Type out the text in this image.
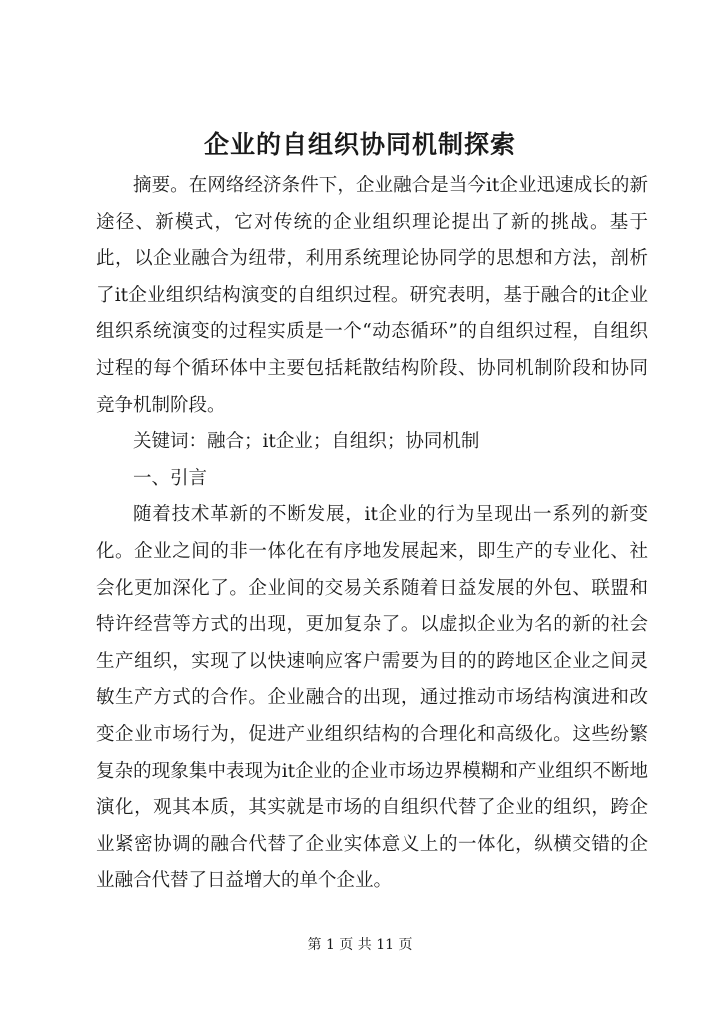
企业的自组织协同机制探索

摘要。在网络经济条件下，企业融合是当今it企业迅速成长的新途径、新模式，它对传统的企业组织理论提出了新的挑战。基于此，以企业融合为纽带，利用系统理论协同学的思想和方法，剖析了it企业组织结构演变的自组织过程。研究表明，基于融合的it企业组织系统演变的过程实质是一个“动态循环”的自组织过程，自组织过程的每个循环体中主要包括耗散结构阶段、协同机制阶段和协同竞争机制阶段。

关键词：融合；it企业；自组织；协同机制

一、引言

随着技术革新的不断发展，it企业的行为呈现出一系列的新变化。企业之间的非一体化在有序地发展起来，即生产的专业化、社会化更加深化了。企业间的交易关系随着日益发展的外包、联盟和特许经营等方式的出现，更加复杂了。以虚拟企业为名的新的社会生产组织，实现了以快速响应客户需要为目的的跨地区企业之间灵敏生产方式的合作。企业融合的出现，通过推动市场结构演进和改变企业市场行为，促进产业组织结构的合理化和高级化。这些纷繁复杂的现象集中表现为it企业的企业市场边界模糊和产业组织不断地演化，观其本质，其实就是市场的自组织代替了企业的组织，跨企业紧密协调的融合代替了企业实体意义上的一体化，纵横交错的企业融合代替了日益增大的单个企业。

第 1 页 共 11 页
